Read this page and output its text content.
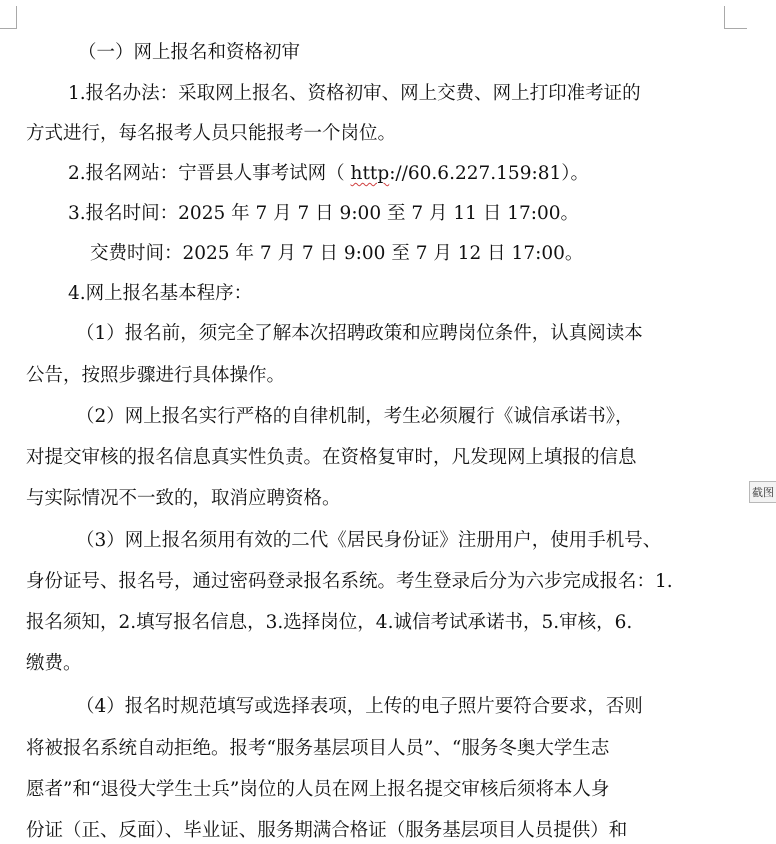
（一）网上报名和资格初审
1.报名办法：采取网上报名、资格初审、网上交费、网上打印准考证的
方式进行，每名报考人员只能报考一个岗位。
2.报名网站：宁晋县人事考试网（ http://60.6.227.159:81）。
3.报名时间：2025 年 7 月 7 日 9:00 至 7 月 11 日 17:00。
交费时间：2025 年 7 月 7 日 9:00 至 7 月 12 日 17:00。
4.网上报名基本程序：
（1）报名前，须完全了解本次招聘政策和应聘岗位条件，认真阅读本
公告，按照步骤进行具体操作。
（2）网上报名实行严格的自律机制，考生必须履行《诚信承诺书》，
对提交审核的报名信息真实性负责。在资格复审时，凡发现网上填报的信息
与实际情况不一致的，取消应聘资格。
（3）网上报名须用有效的二代《居民身份证》注册用户，使用手机号、
身份证号、报名号，通过密码登录报名系统。考生登录后分为六步完成报名：1.
报名须知，2.填写报名信息，3.选择岗位，4.诚信考试承诺书，5.审核，6.
缴费。
（4）报名时规范填写或选择表项，上传的电子照片要符合要求，否则
将被报名系统自动拒绝。报考“服务基层项目人员”、“服务冬奥大学生志
愿者”和“退役大学生士兵”岗位的人员在网上报名提交审核后须将本人身
份证（正、反面）、毕业证、服务期满合格证（服务基层项目人员提供）和
截图
